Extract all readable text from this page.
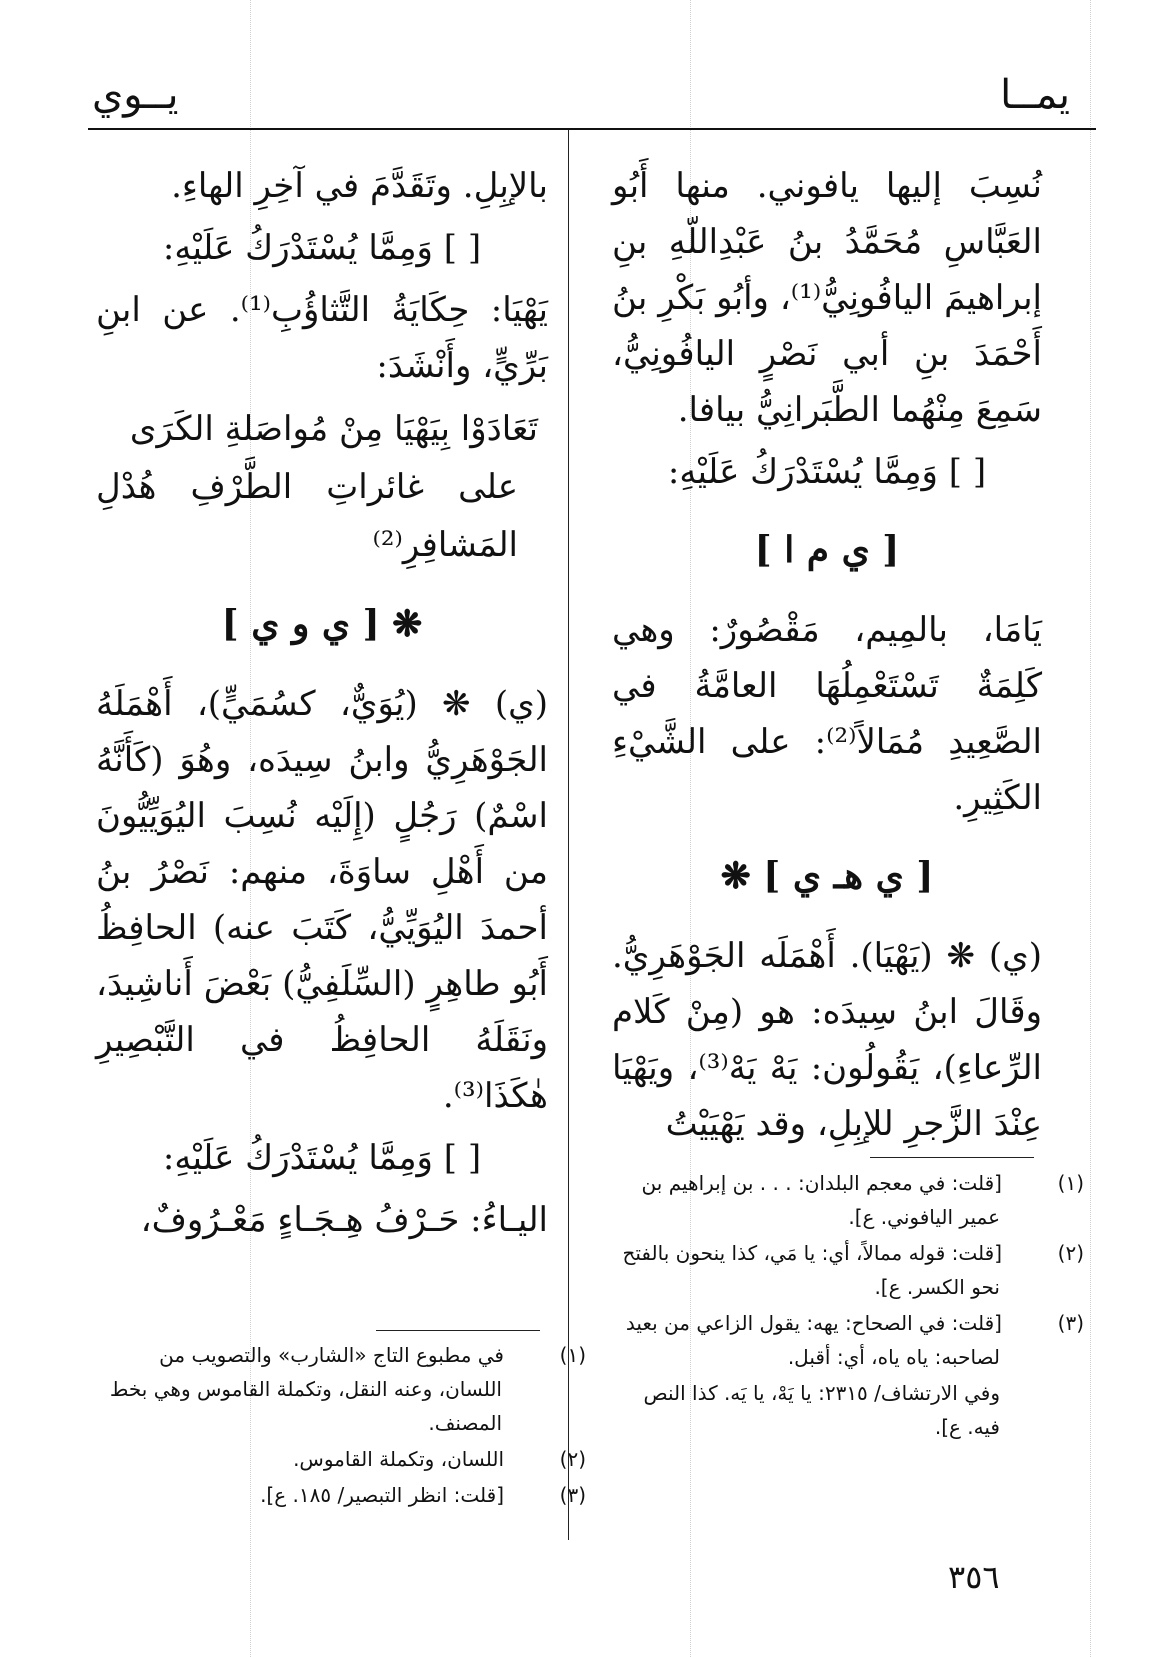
يمــا
يــوي

نُسِبَ إليها يافوني. منها أَبُو العَبَّاسِ مُحَمَّدُ بنُ عَبْدِاللّهِ بنِ إبراهيمَ اليافُونِيُّ⁽¹⁾، وأبُو بَكْرِ بنُ أَحْمَدَ بنِ أبي نَصْرٍ اليافُونِيُّ، سَمِعَ مِنْهُما الطَّبَرانِيُّ بيافا.

[ ] وَمِمَّا يُسْتَدْرَكُ عَلَيْهِ:

[ ي م ا ]

يَامَا، بالمِيم، مَقْصُورٌ: وهي كَلِمَةٌ تَسْتَعْمِلُهَا العامَّةُ في الصَّعِيدِ مُمَالاً⁽²⁾: على الشَّيْءِ الكَثِيرِ.

[ ي هـ ي ] ❋

(ي) ❋ (يَهْيَا). أَهْمَلَه الجَوْهَرِيُّ. وقَالَ ابنُ سِيدَه: هو (مِنْ كَلام الرِّعاءِ)، يَقُولُون: يَهْ يَهْ⁽³⁾، ويَهْيَا عِنْدَ الزَّجرِ للإبِلِ، وقد يَهْيَيْتُ

بالإبِلِ. وتَقَدَّمَ في آخِرِ الهاءِ.

[ ] وَمِمَّا يُسْتَدْرَكُ عَلَيْهِ:

يَهْيَا: حِكَايَةُ التَّثاؤُبِ⁽¹⁾. عن ابنِ بَرِّيٍّ، وأَنْشَدَ:

تَعَادَوْا بِيَهْيَا مِنْ مُواصَلةِ الكَرَى

على غائراتِ الطَّرْفِ هُدْلِ المَشافِرِ⁽²⁾

❋ [ ي و ي ]

(ي) ❋ (يُوَيٌّ، كسُمَيٍّ)، أَهْمَلَهُ الجَوْهَرِيُّ وابنُ سِيدَه، وهُوَ (كَأَنَّهُ اسْمٌ) رَجُلٍ (إِلَيْه نُسِبَ اليُوَيِّيُّونَ من أَهْلِ ساوَةَ، منهم: نَصْرُ بنُ أحمدَ اليُوَيِّيُّ، كَتَبَ عنه) الحافِظُ أَبُو طاهِرٍ (السِّلَفِيُّ) بَعْضَ أَناشِيدَ، ونَقَلَهُ الحافِظُ في التَّبْصِيرِ هٰكَذَا⁽³⁾.

[ ] وَمِمَّا يُسْتَدْرَكُ عَلَيْهِ:

اليـاءُ: حَـرْفُ هِـجَـاءٍ مَعْـرُوفٌ،

(١)[قلت: في معجم البلدان: . . . بن إبراهيم بن عمير اليافوني. ع].

(٢)[قلت: قوله ممالاً، أي: يا مَي، كذا ينحون بالفتح نحو الكسر. ع].

(٣)[قلت: في الصحاح: يهه: يقول الزاعي من بعيد لصاحبه: ياه ياه، أي: أقبل.

وفي الارتشاف/ ٢٣١٥: يا يَهْ، يا يَه. كذا النص فيه. ع].

(١)في مطبوع التاج «الشارب» والتصويب من اللسان، وعنه النقل، وتكملة القاموس وهي بخط المصنف.

(٢)اللسان، وتكملة القاموس.

(٣)[قلت: انظر التبصير/ ١٨٥. ع].

٣٥٦
